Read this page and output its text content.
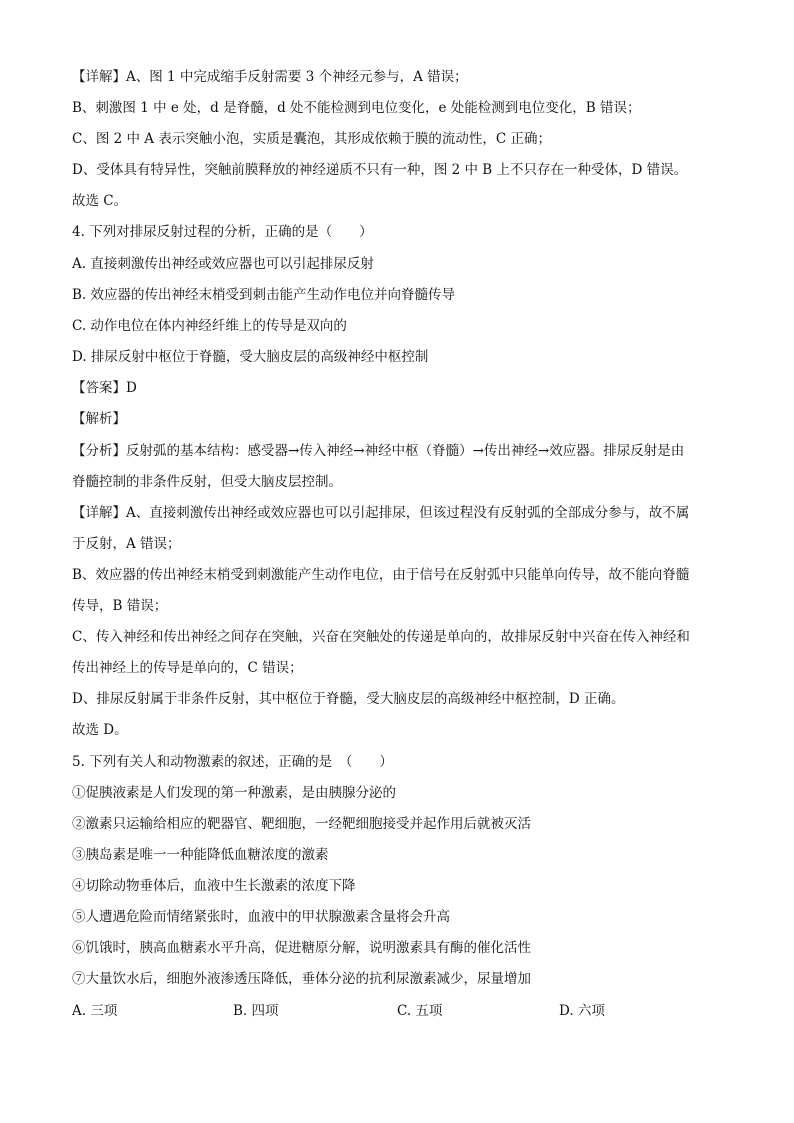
【详解】A、图 1 中完成缩手反射需要 3 个神经元参与，A 错误；
B、刺激图 1 中 e 处，d 是脊髓，d 处不能检测到电位变化，e 处能检测到电位变化，B 错误；
C、图 2 中 A 表示突触小泡，实质是囊泡，其形成依赖于膜的流动性，C 正确；
D、受体具有特异性，突触前膜释放的神经递质不只有一种，图 2 中 B 上不只存在一种受体，D 错误。
故选 C。
4. 下列对排尿反射过程的分析，正确的是（　　）
A. 直接刺激传出神经或效应器也可以引起排尿反射
B. 效应器的传出神经末梢受到刺击能产生动作电位并向脊髓传导
C. 动作电位在体内神经纤维上的传导是双向的
D. 排尿反射中枢位于脊髓，受大脑皮层的高级神经中枢控制
【答案】D
【解析】
【分析】反射弧的基本结构：感受器→传入神经→神经中枢（脊髓）→传出神经→效应器。排尿反射是由
脊髓控制的非条件反射，但受大脑皮层控制。
【详解】A、直接刺激传出神经或效应器也可以引起排尿，但该过程没有反射弧的全部成分参与，故不属
于反射，A 错误；
B、效应器的传出神经末梢受到刺激能产生动作电位，由于信号在反射弧中只能单向传导，故不能向脊髓
传导，B 错误；
C、传入神经和传出神经之间存在突触，兴奋在突触处的传递是单向的，故排尿反射中兴奋在传入神经和
传出神经上的传导是单向的，C 错误；
D、排尿反射属于非条件反射，其中枢位于脊髓，受大脑皮层的高级神经中枢控制，D 正确。
故选 D。
5. 下列有关人和动物激素的叙述，正确的是　（　　）
①促胰液素是人们发现的第一种激素，是由胰腺分泌的
②激素只运输给相应的靶器官、靶细胞，一经靶细胞接受并起作用后就被灭活
③胰岛素是唯一一种能降低血糖浓度的激素
④切除动物垂体后，血液中生长激素的浓度下降
⑤人遭遇危险而情绪紧张时，血液中的甲状腺激素含量将会升高
⑥饥饿时，胰高血糖素水平升高，促进糖原分解，说明激素具有酶的催化活性
⑦大量饮水后，细胞外液渗透压降低，垂体分泌的抗利尿激素减少，尿量增加
A. 三项	B. 四项	C. 五项	D. 六项
